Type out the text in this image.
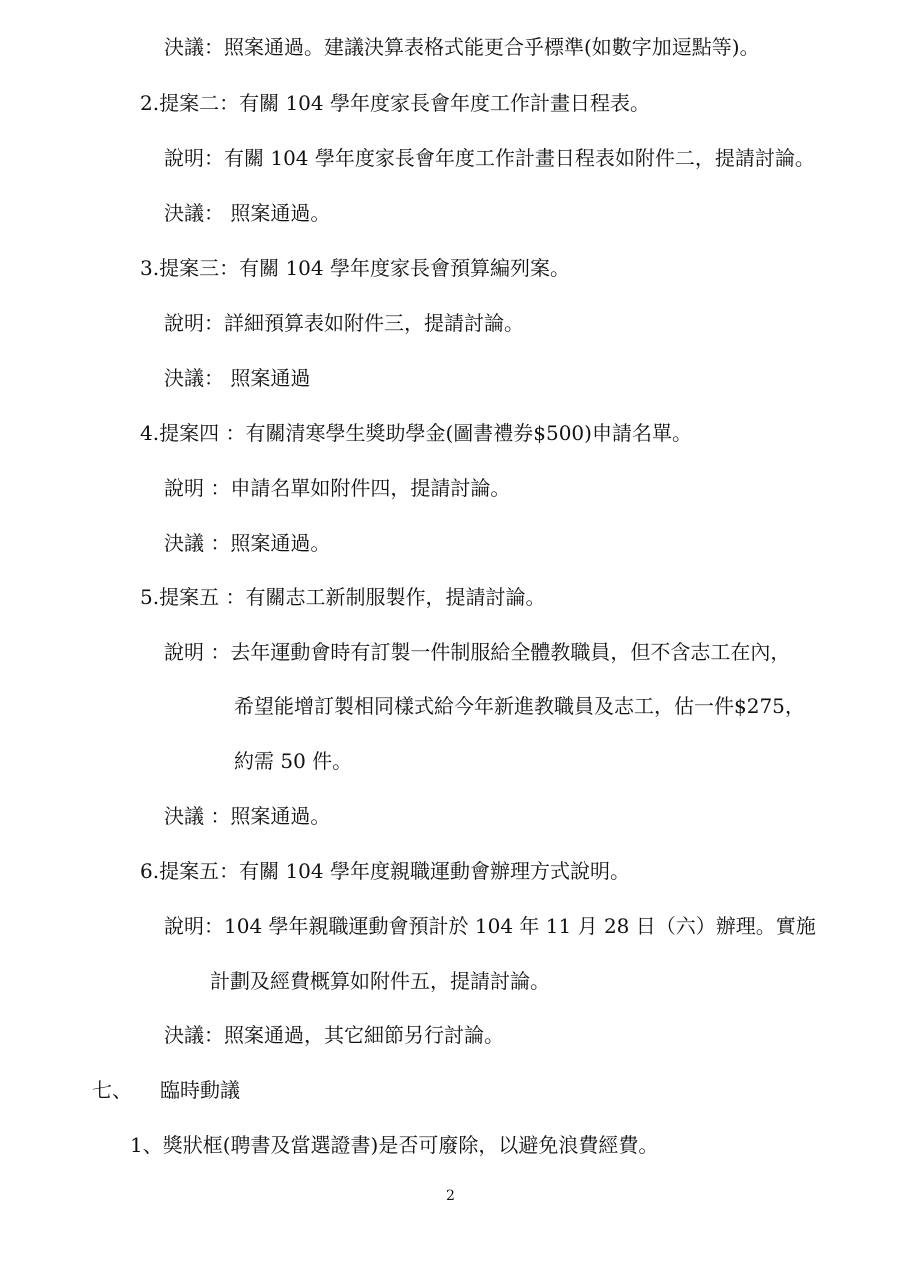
決議：照案通過。建議決算表格式能更合乎標準(如數字加逗點等)。
2.提案二：有關 104 學年度家長會年度工作計畫日程表。
說明：有關 104 學年度家長會年度工作計畫日程表如附件二，提請討論。
決議： 照案通過。
3.提案三：有關 104 學年度家長會預算編列案。
說明：詳細預算表如附件三，提請討論。
決議： 照案通過
4.提案四 ：有關清寒學生獎助學金(圖書禮券$500)申請名單。
說明 ：申請名單如附件四，提請討論。
決議 ：照案通過。
5.提案五 ：有關志工新制服製作，提請討論。
說明 ：去年運動會時有訂製一件制服給全體教職員，但不含志工在內，
希望能增訂製相同樣式給今年新進教職員及志工，估一件$275，
約需 50 件。
決議 ：照案通過。
6.提案五：有關 104 學年度親職運動會辦理方式說明。
說明：104 學年親職運動會預計於 104 年 11 月 28 日（六）辦理。實施
計劃及經費概算如附件五，提請討論。
決議：照案通過，其它細節另行討論。
七、 臨時動議
1、獎狀框(聘書及當選證書)是否可廢除，以避免浪費經費。
2
